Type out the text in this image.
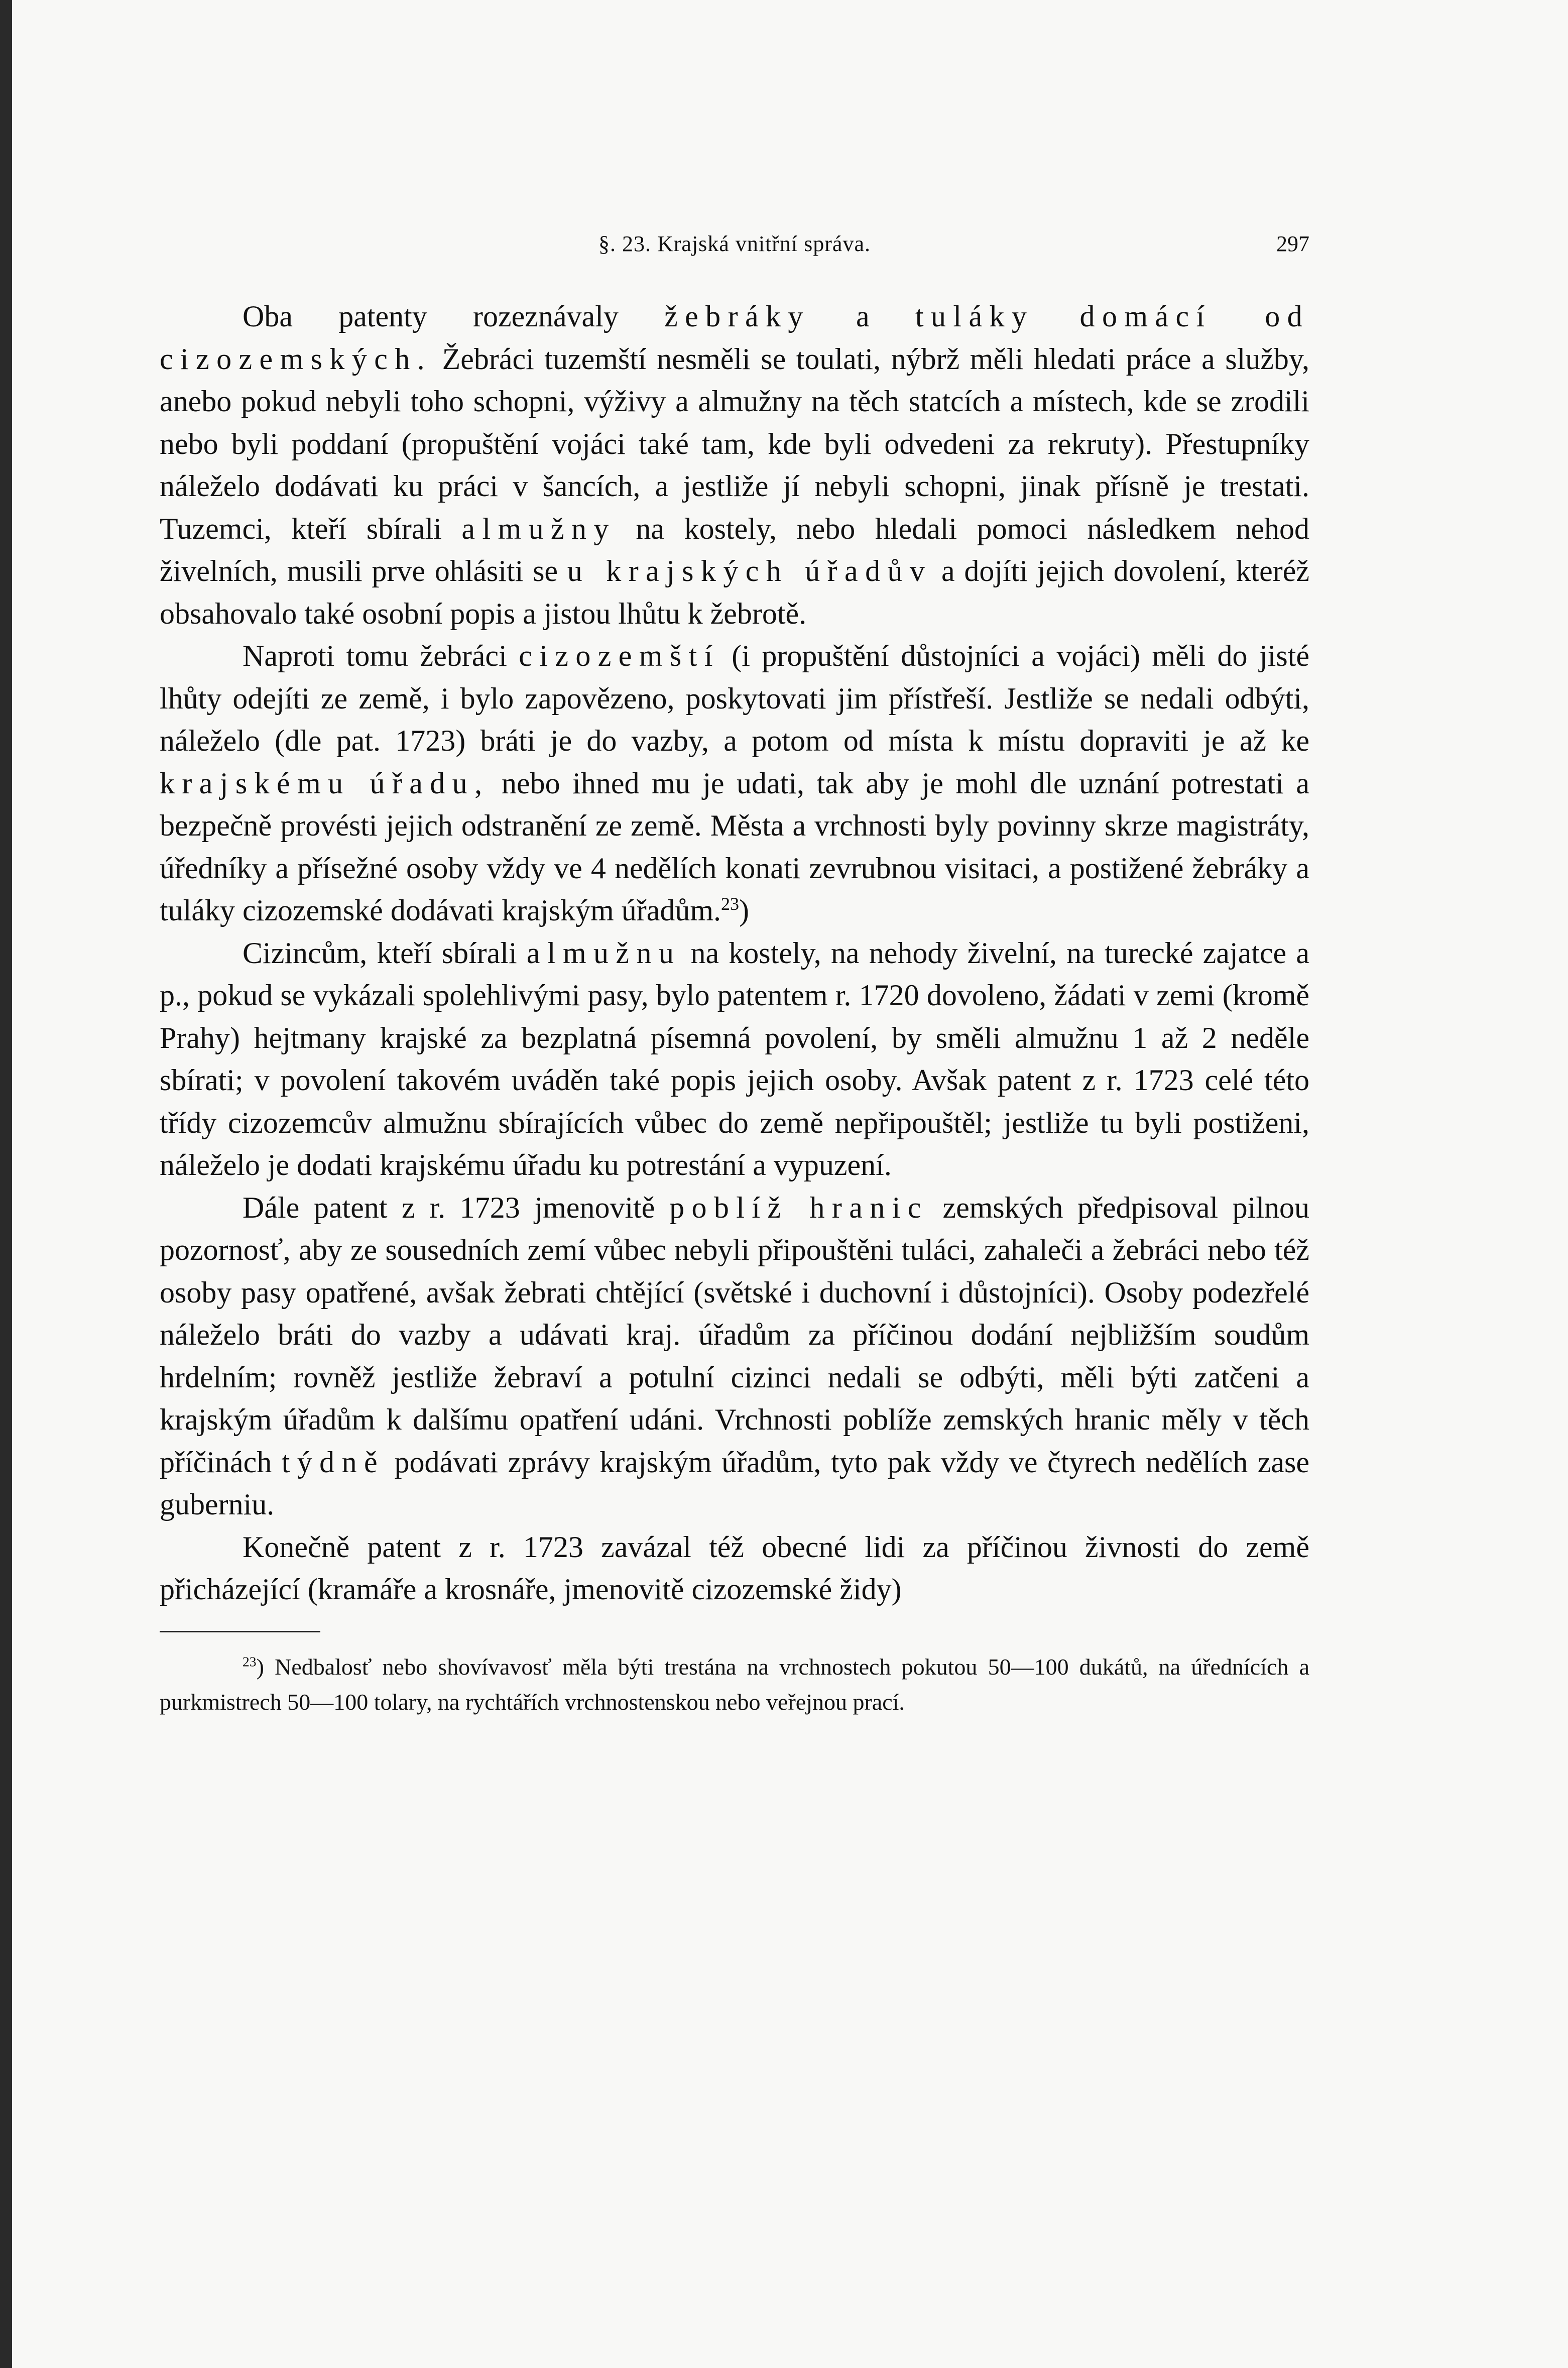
§. 23. Krajská vnitřní správa.	297

Oba patenty rozeznávaly žebráky a tuláky domácí od cizozemských. Žebráci tuzemští nesměli se toulati, nýbrž měli hledati práce a služby, anebo pokud nebyli toho schopni, výživy a almužny na těch statcích a místech, kde se zrodili nebo byli poddaní (propuštění vojáci také tam, kde byli odvedeni za rekruty). Přestupníky náleželo dodávati ku práci v šancích, a jestliže jí nebyli schopni, jinak přísně je trestati. Tuzemci, kteří sbírali almužny na kostely, nebo hledali pomoci následkem nehod živelních, musili prve ohlásiti se u krajských úřadův a dojíti jejich dovolení, kteréž obsahovalo také osobní popis a jistou lhůtu k žebrotě.

Naproti tomu žebráci cizozemští (i propuštění důstojníci a vojáci) měli do jisté lhůty odejíti ze země, i bylo zapovězeno, poskytovati jim přístřeší. Jestliže se nedali odbýti, náleželo (dle pat. 1723) bráti je do vazby, a potom od místa k místu dopraviti je až ke krajskému úřadu, nebo ihned mu je udati, tak aby je mohl dle uznání potrestati a bezpečně provésti jejich odstranění ze země. Města a vrchnosti byly povinny skrze magistráty, úředníky a přísežné osoby vždy ve 4 nedělích konati zevrubnou visitaci, a postižené žebráky a tuláky cizozemské dodávati krajským úřadům.$^{23}$)

Cizincům, kteří sbírali almužnu na kostely, na nehody živelní, na turecké zajatce a p., pokud se vykázali spolehlivými pasy, bylo patentem r. 1720 dovoleno, žádati v zemi (kromě Prahy) hejtmany krajské za bezplatná písemná povolení, by směli almužnu 1 až 2 neděle sbírati; v povolení takovém uváděn také popis jejich osoby. Avšak patent z r. 1723 celé této třídy cizozemcův almužnu sbírajících vůbec do země nepřipouštěl; jestliže tu byli postiženi, náleželo je dodati krajskému úřadu ku potrestání a vypuzení.

Dále patent z r. 1723 jmenovitě poblíž hranic zemských předpisoval pilnou pozornosť, aby ze sousedních zemí vůbec nebyli připouštěni tuláci, zahaleči a žebráci nebo též osoby pasy opatřené, avšak žebrati chtějící (světské i duchovní i důstojníci). Osoby podezřelé náleželo bráti do vazby a udávati kraj. úřadům za příčinou dodání nejbližším soudům hrdelním; rovněž jestliže žebraví a potulní cizinci nedali se odbýti, měli býti zatčeni a krajským úřadům k dalšímu opatření udáni. Vrchnosti poblíže zemských hranic měly v těch příčinách týdně podávati zprávy krajským úřadům, tyto pak vždy ve čtyrech nedělích zase guberniu.

Konečně patent z r. 1723 zavázal též obecné lidi za příčinou živnosti do země přicházející (kramáře a krosnáře, jmenovitě cizozemské židy)

$^{23}$) Nedbalosť nebo shovívavosť měla býti trestána na vrchnostech pokutou 50—100 dukátů, na úřednících a purkmistrech 50—100 tolary, na rychtářích vrchnostenskou nebo veřejnou prací.
